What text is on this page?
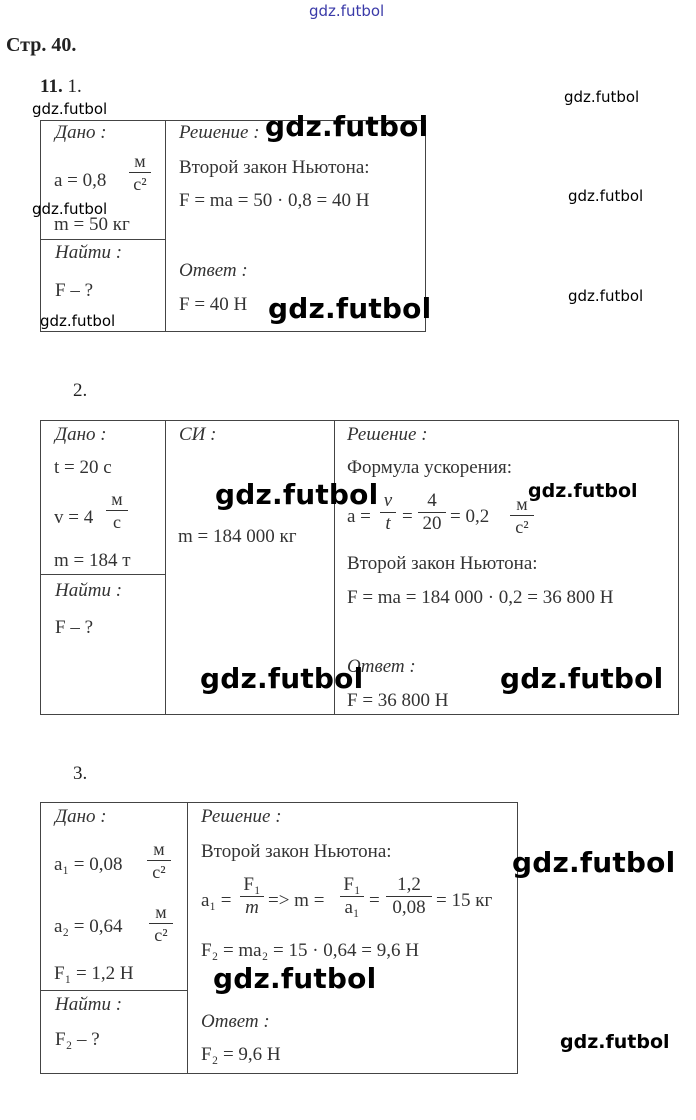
gdz.futbol
Стр. 40.
11. 1.
Дано :
a = 0,8
м
с²
m = 50 кг
Найти :
F – ?
Решение :
Второй закон Ньютона:
F = ma = 50 · 0,8 = 40 Н
Ответ :
F = 40 Н
2.
Дано :
t = 20 с
v = 4
м
с
m = 184 т
Найти :
F – ?
СИ :
m = 184 000 кг
Решение :
Формула ускорения:
a =
v
t =
4
20 = 0,2
м
с²
Второй закон Ньютона:
F = ma = 184 000 · 0,2 = 36 800 Н
Ответ :
F = 36 800 Н
3.
Дано :
a₁ = 0,08
м
с²
a₂ = 0,64
м
с²
F₁ = 1,2 Н
Найти :
F₂ – ?
Решение :
Второй закон Ньютона:
a₁ =
F₁
m => m =
F₁
a₁ =
1,2
0,08 = 15 кг
F₂ = ma₂ = 15 · 0,64 = 9,6 Н
Ответ :
F₂ = 9,6 Н
gdz.futbol
gdz.futbol
gdz.futbol
gdz.futbol
gdz.futbol
gdz.futbol
gdz.futbol
gdz.futbol
gdz.futbol	gdz.futbol
gdz.futbol	gdz.futbol
gdz.futbol
gdz.futbol
gdz.futbol
